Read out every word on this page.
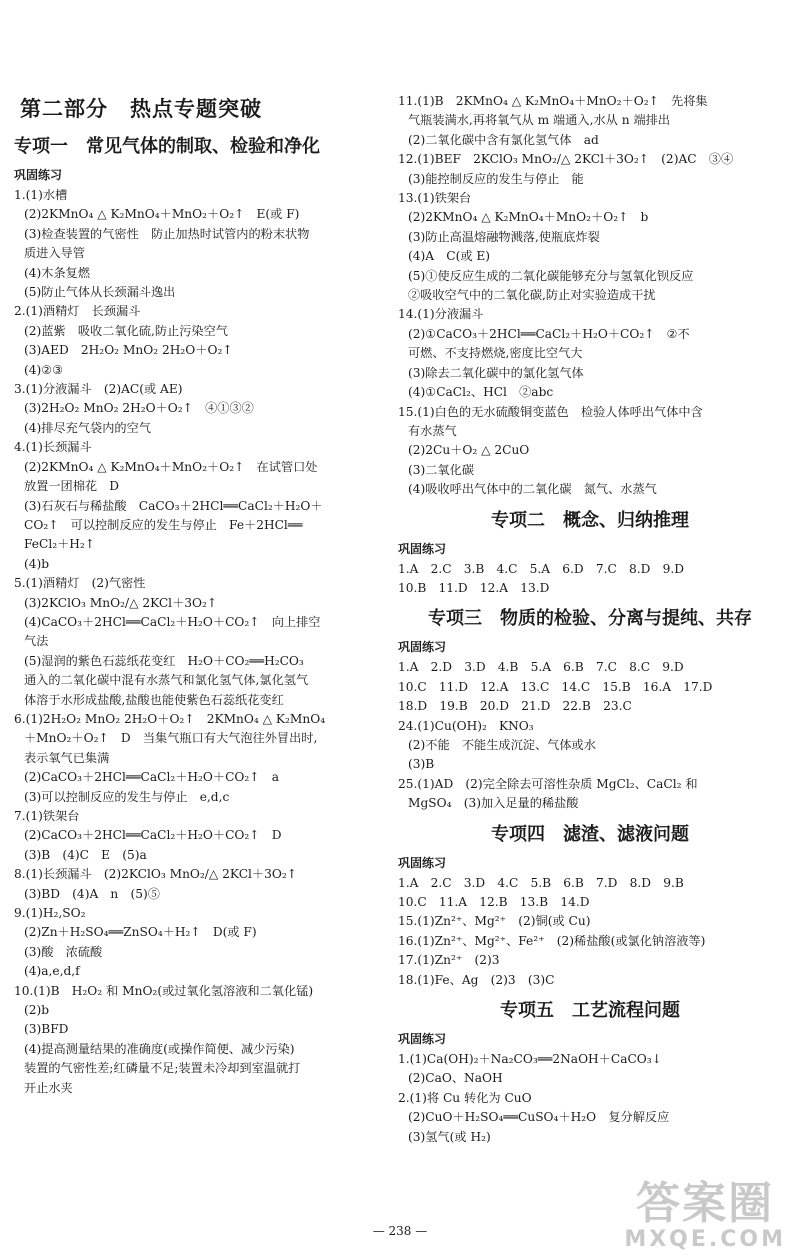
第二部分　热点专题突破
专项一　常见气体的制取、检验和净化
巩固练习
1.(1)水槽
(2)2KMnO₄ △ K₂MnO₄＋MnO₂＋O₂↑　E(或 F)
(3)检查装置的气密性　防止加热时试管内的粉末状物
质进入导管
(4)木条复燃
(5)防止气体从长颈漏斗逸出
2.(1)酒精灯　长颈漏斗
(2)蓝紫　吸收二氧化硫,防止污染空气
(3)AED　2H₂O₂ MnO₂ 2H₂O＋O₂↑
(4)②③
3.(1)分液漏斗　(2)AC(或 AE)
(3)2H₂O₂ MnO₂ 2H₂O＋O₂↑　④①③②
(4)排尽充气袋内的空气
4.(1)长颈漏斗
(2)2KMnO₄ △ K₂MnO₄＋MnO₂＋O₂↑　在试管口处
放置一团棉花　D
(3)石灰石与稀盐酸　CaCO₃＋2HCl══CaCl₂＋H₂O＋
CO₂↑　可以控制反应的发生与停止　Fe＋2HCl══
FeCl₂＋H₂↑
(4)b
5.(1)酒精灯　(2)气密性
(3)2KClO₃ MnO₂/△ 2KCl＋3O₂↑
(4)CaCO₃＋2HCl══CaCl₂＋H₂O＋CO₂↑　向上排空
气法
(5)湿润的紫色石蕊纸花变红　H₂O＋CO₂══H₂CO₃
通入的二氧化碳中混有水蒸气和氯化氢气体,氯化氢气
体溶于水形成盐酸,盐酸也能使紫色石蕊纸花变红
6.(1)2H₂O₂ MnO₂ 2H₂O＋O₂↑　2KMnO₄ △ K₂MnO₄
＋MnO₂＋O₂↑　D　当集气瓶口有大气泡往外冒出时,
表示氧气已集满
(2)CaCO₃＋2HCl══CaCl₂＋H₂O＋CO₂↑　a
(3)可以控制反应的发生与停止　e,d,c
7.(1)铁架台
(2)CaCO₃＋2HCl══CaCl₂＋H₂O＋CO₂↑　D
(3)B　(4)C　E　(5)a
8.(1)长颈漏斗　(2)2KClO₃ MnO₂/△ 2KCl＋3O₂↑
(3)BD　(4)A　n　(5)⑤
9.(1)H₂,SO₂
(2)Zn＋H₂SO₄══ZnSO₄＋H₂↑　D(或 F)
(3)酸　浓硫酸
(4)a,e,d,f
10.(1)B　H₂O₂ 和 MnO₂(或过氧化氢溶液和二氧化锰)
(2)b
(3)BFD
(4)提高测量结果的准确度(或操作简便、减少污染)
装置的气密性差;红磷量不足;装置未冷却到室温就打
开止水夹
11.(1)B　2KMnO₄ △ K₂MnO₄＋MnO₂＋O₂↑　先将集
气瓶装满水,再将氧气从 m 端通入,水从 n 端排出
(2)二氧化碳中含有氯化氢气体　ad
12.(1)BEF　2KClO₃ MnO₂/△ 2KCl＋3O₂↑　(2)AC　③④
(3)能控制反应的发生与停止　能
13.(1)铁架台
(2)2KMnO₄ △ K₂MnO₄＋MnO₂＋O₂↑　b
(3)防止高温熔融物溅落,使瓶底炸裂
(4)A　C(或 E)
(5)①使反应生成的二氧化碳能够充分与氢氧化钡反应
②吸收空气中的二氧化碳,防止对实验造成干扰
14.(1)分液漏斗
(2)①CaCO₃＋2HCl══CaCl₂＋H₂O＋CO₂↑　②不
可燃、不支持燃烧,密度比空气大
(3)除去二氧化碳中的氯化氢气体
(4)①CaCl₂、HCl　②abc
15.(1)白色的无水硫酸铜变蓝色　检验人体呼出气体中含
有水蒸气
(2)2Cu＋O₂ △ 2CuO
(3)二氧化碳
(4)吸收呼出气体中的二氧化碳　氮气、水蒸气
专项二　概念、归纳推理
巩固练习
1.A　2.C　3.B　4.C　5.A　6.D　7.C　8.D　9.D
10.B　11.D　12.A　13.D
专项三　物质的检验、分离与提纯、共存
巩固练习
1.A　2.D　3.D　4.B　5.A　6.B　7.C　8.C　9.D
10.C　11.D　12.A　13.C　14.C　15.B　16.A　17.D
18.D　19.B　20.D　21.D　22.B　23.C
24.(1)Cu(OH)₂　KNO₃
(2)不能　不能生成沉淀、气体或水
(3)B
25.(1)AD　(2)完全除去可溶性杂质 MgCl₂、CaCl₂ 和
MgSO₄　(3)加入足量的稀盐酸
专项四　滤渣、滤液问题
巩固练习
1.A　2.C　3.D　4.C　5.B　6.B　7.D　8.D　9.B
10.C　11.A　12.B　13.B　14.D
15.(1)Zn²⁺、Mg²⁺　(2)铜(或 Cu)
16.(1)Zn²⁺、Mg²⁺、Fe²⁺　(2)稀盐酸(或氯化钠溶液等)
17.(1)Zn²⁺　(2)3
18.(1)Fe、Ag　(2)3　(3)C
专项五　工艺流程问题
巩固练习
1.(1)Ca(OH)₂＋Na₂CO₃══2NaOH＋CaCO₃↓
(2)CaO、NaOH
2.(1)将 Cu 转化为 CuO
(2)CuO＋H₂SO₄══CuSO₄＋H₂O　复分解反应
(3)氢气(或 H₂)
— 238 —
答案圈
MXQE.COM
